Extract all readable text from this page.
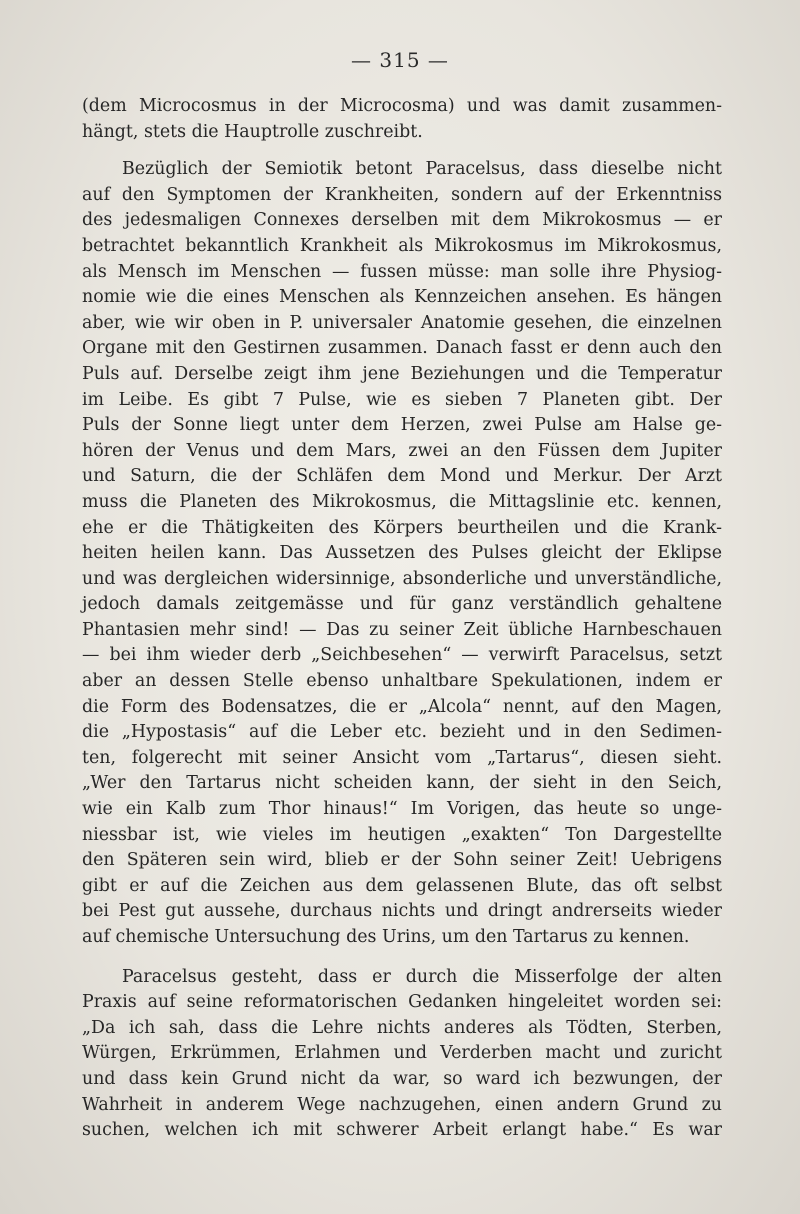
— 315 —
(dem Microcosmus in der Microcosma) und was damit zusammen-
hängt, stets die Hauptrolle zuschreibt.
Bezüglich der Semiotik betont Paracelsus, dass dieselbe nicht
auf den Symptomen der Krankheiten, sondern auf der Erkenntniss
des jedesmaligen Connexes derselben mit dem Mikrokosmus — er
betrachtet bekanntlich Krankheit als Mikrokosmus im Mikrokosmus,
als Mensch im Menschen — fussen müsse: man solle ihre Physiog-
nomie wie die eines Menschen als Kennzeichen ansehen. Es hängen
aber, wie wir oben in P. universaler Anatomie gesehen, die einzelnen
Organe mit den Gestirnen zusammen. Danach fasst er denn auch den
Puls auf. Derselbe zeigt ihm jene Beziehungen und die Temperatur
im Leibe. Es gibt 7 Pulse, wie es sieben 7 Planeten gibt. Der
Puls der Sonne liegt unter dem Herzen, zwei Pulse am Halse ge-
hören der Venus und dem Mars, zwei an den Füssen dem Jupiter
und Saturn, die der Schläfen dem Mond und Merkur. Der Arzt
muss die Planeten des Mikrokosmus, die Mittagslinie etc. kennen,
ehe er die Thätigkeiten des Körpers beurtheilen und die Krank-
heiten heilen kann. Das Aussetzen des Pulses gleicht der Eklipse
und was dergleichen widersinnige, absonderliche und unverständliche,
jedoch damals zeitgemässe und für ganz verständlich gehaltene
Phantasien mehr sind! — Das zu seiner Zeit übliche Harnbeschauen
— bei ihm wieder derb „Seichbesehen“ — verwirft Paracelsus, setzt
aber an dessen Stelle ebenso unhaltbare Spekulationen, indem er
die Form des Bodensatzes, die er „Alcola“ nennt, auf den Magen,
die „Hypostasis“ auf die Leber etc. bezieht und in den Sedimen-
ten, folgerecht mit seiner Ansicht vom „Tartarus“, diesen sieht.
„Wer den Tartarus nicht scheiden kann, der sieht in den Seich,
wie ein Kalb zum Thor hinaus!“ Im Vorigen, das heute so unge-
niessbar ist, wie vieles im heutigen „exakten“ Ton Dargestellte
den Späteren sein wird, blieb er der Sohn seiner Zeit! Uebrigens
gibt er auf die Zeichen aus dem gelassenen Blute, das oft selbst
bei Pest gut aussehe, durchaus nichts und dringt andrerseits wieder
auf chemische Untersuchung des Urins, um den Tartarus zu kennen.
Paracelsus gesteht, dass er durch die Misserfolge der alten
Praxis auf seine reformatorischen Gedanken hingeleitet worden sei:
„Da ich sah, dass die Lehre nichts anderes als Tödten, Sterben,
Würgen, Erkrümmen, Erlahmen und Verderben macht und zuricht
und dass kein Grund nicht da war, so ward ich bezwungen, der
Wahrheit in anderem Wege nachzugehen, einen andern Grund zu
suchen, welchen ich mit schwerer Arbeit erlangt habe.“ Es war
